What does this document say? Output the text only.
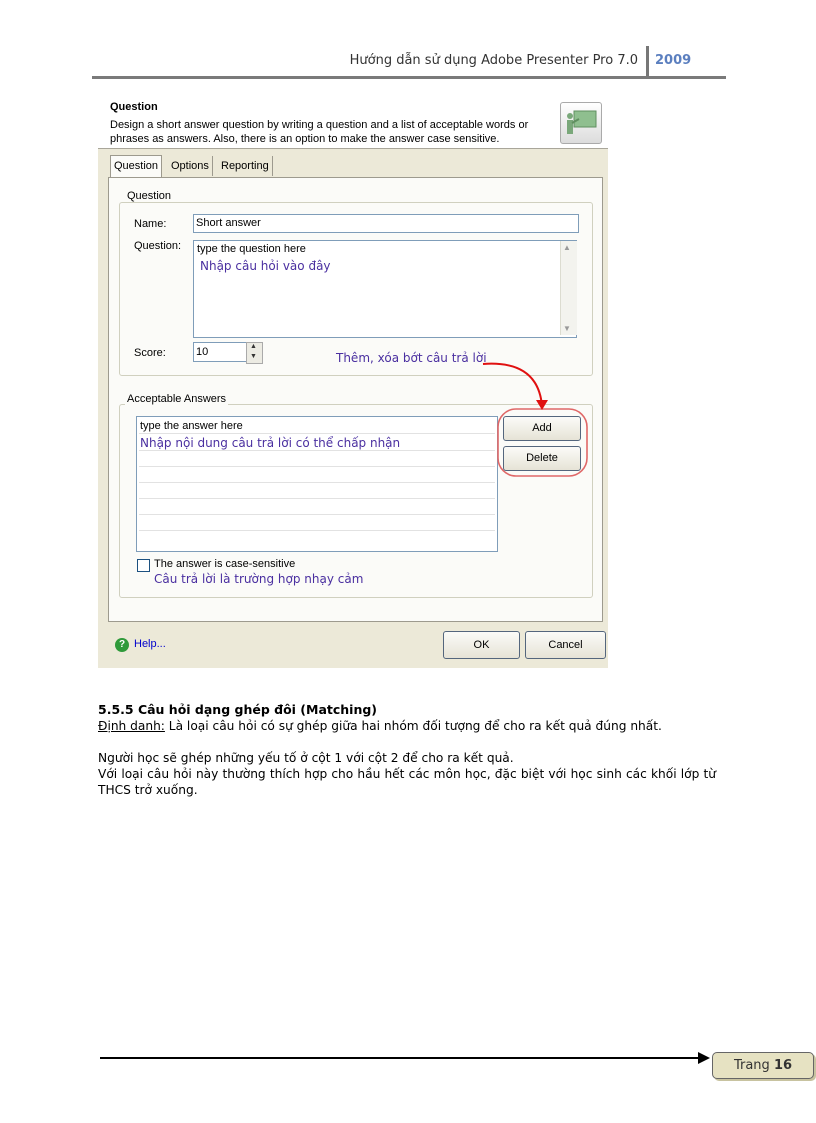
Hướng dẫn sử dụng Adobe Presenter Pro 7.0 2009
Question
Design a short answer question by writing a question and a list of acceptable words or phrases as answers. Also, there is an option to make the answer case sensitive.
Question	Options	Reporting
Question
Name:	Short answer
Question: type the question here
Nhập câu hỏi vào đây
▲
▼
Score:	10	▲
▼	Thêm, xóa bớt câu trả lời
Acceptable Answers
type the answer here
Nhập nội dung câu trả lời có thể chấp nhận
Add
Delete
The answer is case-sensitive
Câu trả lời là trường hợp nhạy cảm
? Help...	OK	Cancel
5.5.5 Câu hỏi dạng ghép đôi (Matching)
Định danh: Là loại câu hỏi có sự ghép giữa hai nhóm đối tượng để cho ra kết quả đúng nhất.
Người học sẽ ghép những yếu tố ở cột 1 với cột 2 để cho ra kết quả.
Với loại câu hỏi này thường thích hợp cho hầu hết các môn học, đặc biệt với học sinh các khối lớp từ THCS trở xuống.
Trang 16
